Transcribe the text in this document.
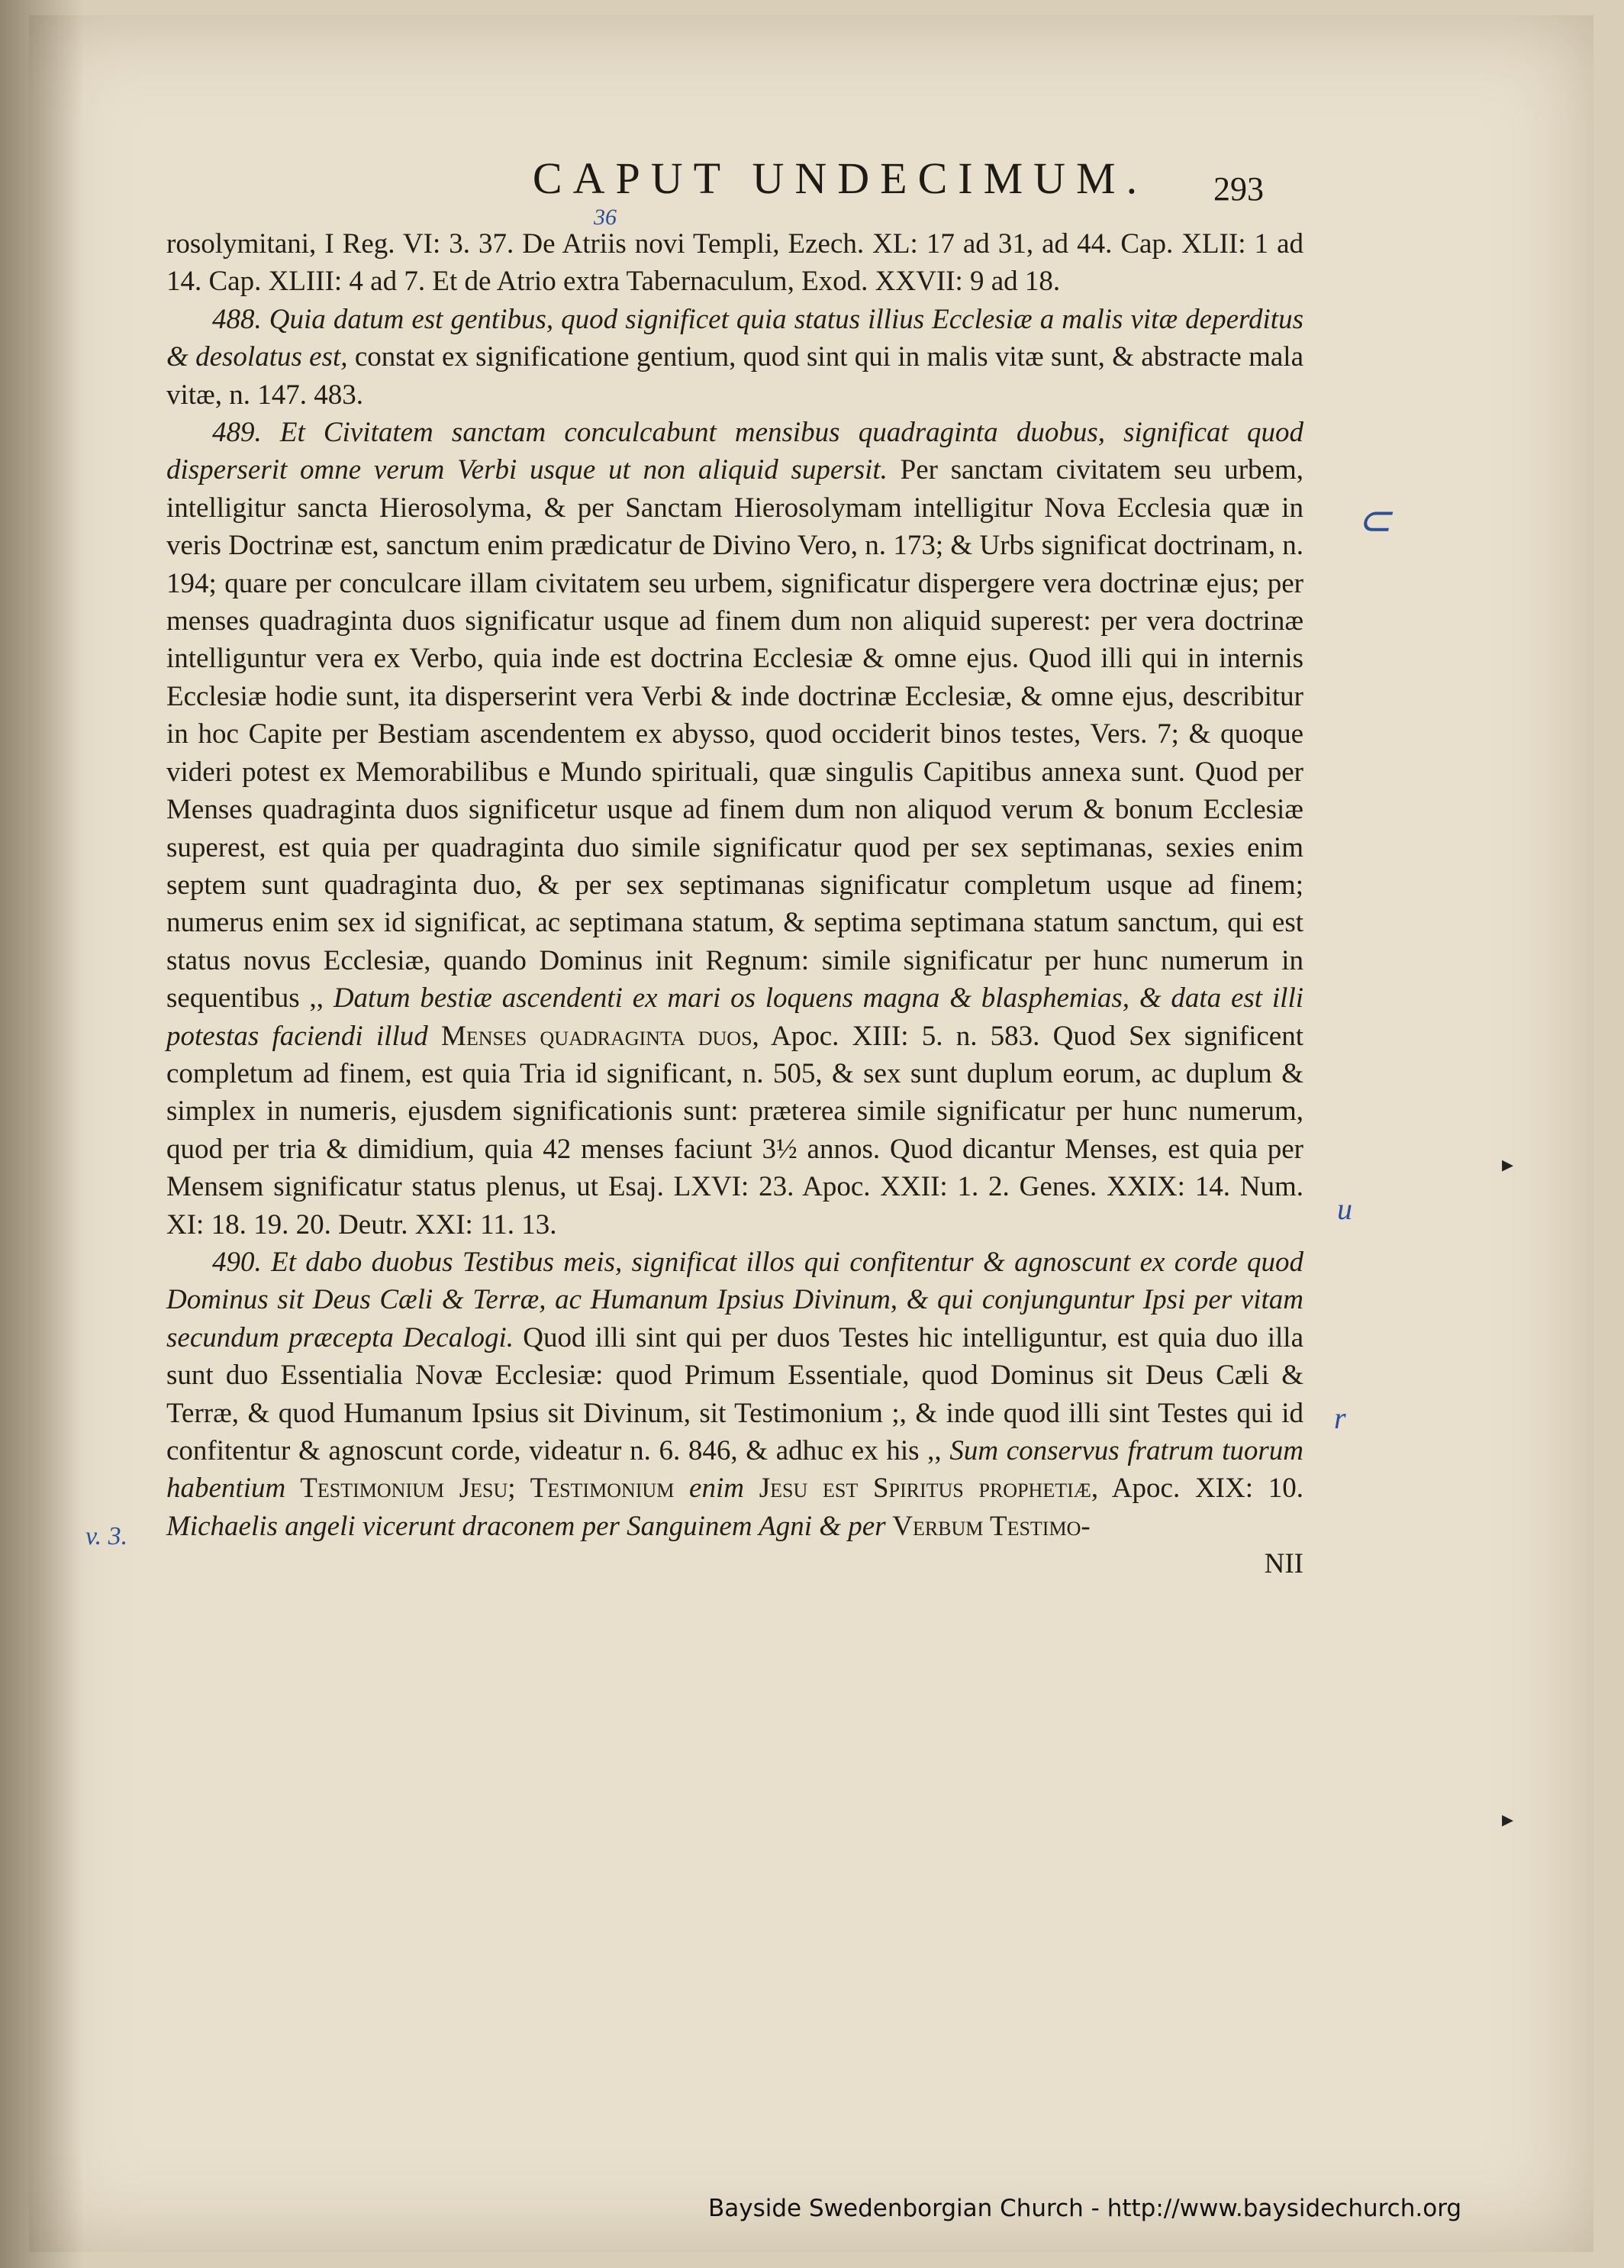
CAPUT UNDECIMUM.	293

rosolymitani, I Reg. VI: 3. 37. De Atriis novi Templi, Ezech. XL: 17 ad 31, ad 44. Cap. XLII: 1 ad 14. Cap. XLIII: 4 ad 7. Et de Atrio extra Tabernaculum, Exod. XXVII: 9 ad 18.

488. Quia datum est gentibus, quod significet quia status illius Ecclesiæ a malis vitæ deperditus & desolatus est, constat ex significatione gentium, quod sint qui in malis vitæ sunt, & abstracte mala vitæ, n. 147. 483.

489. Et Civitatem sanctam conculcabunt mensibus quadraginta duobus, significat quod disperserit omne verum Verbi usque ut non aliquid supersit. Per sanctam civitatem seu urbem, intelligitur sancta Hierosolyma, & per Sanctam Hierosolymam intelligitur Nova Ecclesia quæ in veris Doctrinæ est, sanctum enim prædicatur de Divino Vero, n. 173; & Urbs significat doctrinam, n. 194; quare per conculcare illam civitatem seu urbem, significatur dispergere vera doctrinæ ejus; per menses quadraginta duos significatur usque ad finem dum non aliquid superest: per vera doctrinæ intelliguntur vera ex Verbo, quia inde est doctrina Ecclesiæ & omne ejus. Quod illi qui in internis Ecclesiæ hodie sunt, ita disperserint vera Verbi & inde doctrinæ Ecclesiæ, & omne ejus, describitur in hoc Capite per Bestiam ascendentem ex abysso, quod occiderit binos testes, Vers. 7; & quoque videri potest ex Memorabilibus e Mundo spirituali, quæ singulis Capitibus annexa sunt. Quod per Menses quadraginta duos significetur usque ad finem dum non aliquod verum & bonum Ecclesiæ superest, est quia per quadraginta duo simile significatur quod per sex septimanas, sexies enim septem sunt quadraginta duo, & per sex septimanas significatur completum usque ad finem; numerus enim sex id significat, ac septimana statum, & septima septimana statum sanctum, qui est status novus Ecclesiæ, quando Dominus init Regnum: simile significatur per hunc numerum in sequentibus ,, Datum bestiæ ascendenti ex mari os loquens magna & blasphemias, & data est illi potestas faciendi illud Menses quadraginta duos, Apoc. XIII: 5. n. 583. Quod Sex significent completum ad finem, est quia Tria id significant, n. 505, & sex sunt duplum eorum, ac duplum & simplex in numeris, ejusdem significationis sunt: præterea simile significatur per hunc numerum, quod per tria & dimidium, quia 42 menses faciunt 3½ annos. Quod dicantur Menses, est quia per Mensem significatur status plenus, ut Esaj. LXVI: 23. Apoc. XXII: 1. 2. Genes. XXIX: 14. Num. XI: 18. 19. 20. Deutr. XXI: 11. 13.

490. Et dabo duobus Testibus meis, significat illos qui confitentur & agnoscunt ex corde quod Dominus sit Deus Cæli & Terræ, ac Humanum Ipsius Divinum, & qui conjunguntur Ipsi per vitam secundum præcepta Decalogi. Quod illi sint qui per duos Testes hic intelliguntur, est quia duo illa sunt duo Essentialia Novæ Ecclesiæ: quod Primum Essentiale, quod Dominus sit Deus Cæli & Terræ, & quod Humanum Ipsius sit Divinum, sit Testimonium ;, & inde quod illi sint Testes qui id confitentur & agnoscunt corde, videatur n. 6. 846, & adhuc ex his ,, Sum conservus fratrum tuorum habentium Testimonium Jesu; Testimonium enim Jesu est Spiritus prophetiæ, Apoc. XIX: 10. Michaelis angeli vicerunt draconem per Sanguinem Agni & per Verbum Testimo-

NII

36
⊂
u
r
v. 3.
▸
▸
Bayside Swedenborgian Church - http://www.baysidechurch.org
